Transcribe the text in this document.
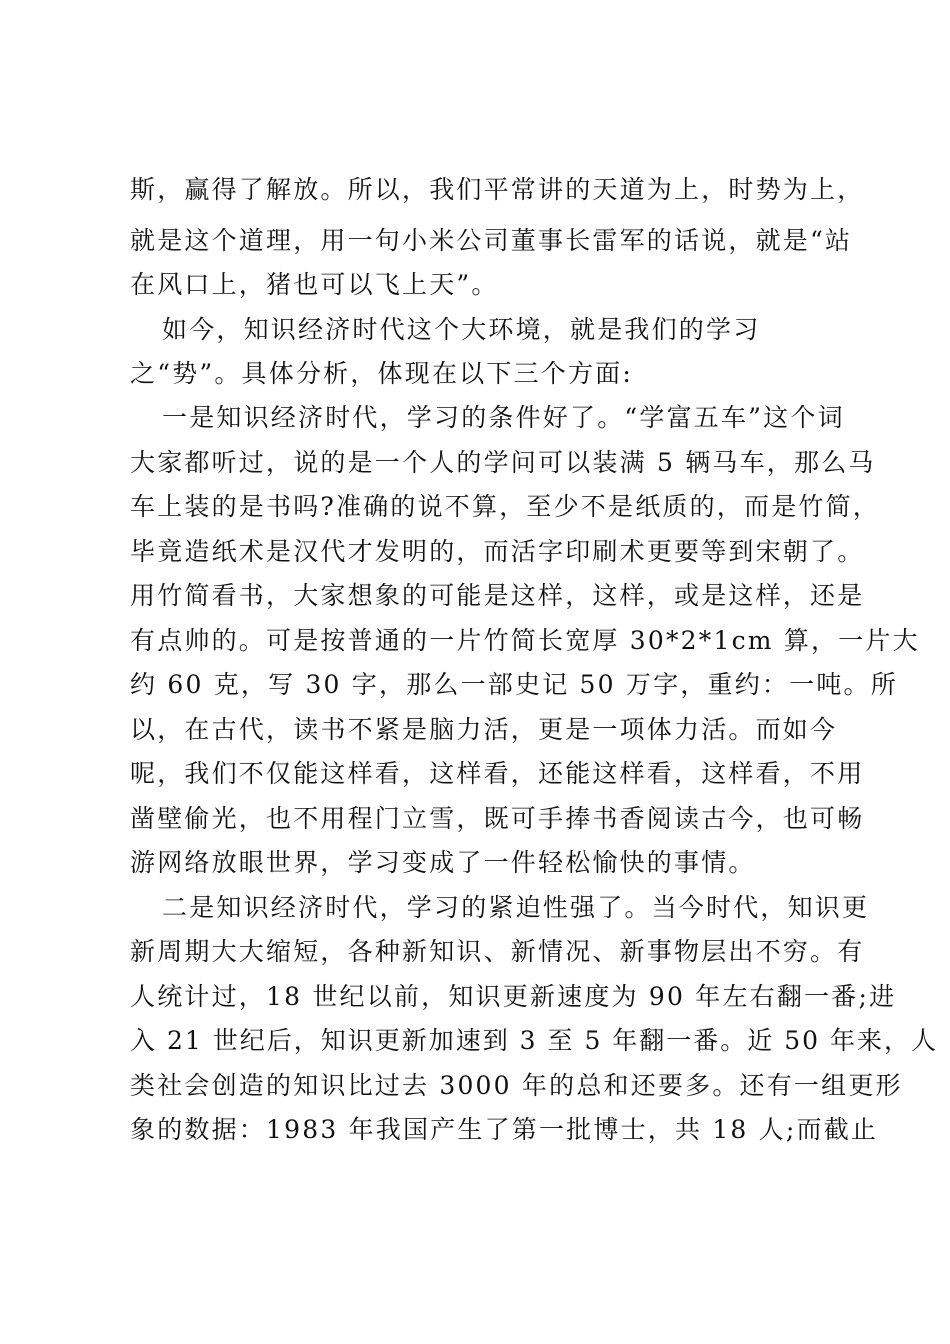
斯，赢得了解放。所以，我们平常讲的天道为上，时势为上，
就是这个道理，用一句小米公司董事长雷军的话说，就是“站
在风口上，猪也可以飞上天”。
如今，知识经济时代这个大环境，就是我们的学习
之“势”。具体分析，体现在以下三个方面:
一是知识经济时代，学习的条件好了。“学富五车”这个词
大家都听过，说的是一个人的学问可以装满 5 辆马车，那么马
车上装的是书吗?准确的说不算，至少不是纸质的，而是竹简，
毕竟造纸术是汉代才发明的，而活字印刷术更要等到宋朝了。
用竹简看书，大家想象的可能是这样，这样，或是这样，还是
有点帅的。可是按普通的一片竹简长宽厚 30*2*1cm 算，一片大
约 60 克，写 30 字，那么一部史记 50 万字，重约：一吨。所
以，在古代，读书不紧是脑力活，更是一项体力活。而如今
呢，我们不仅能这样看，这样看，还能这样看，这样看，不用
凿壁偷光，也不用程门立雪，既可手捧书香阅读古今，也可畅
游网络放眼世界，学习变成了一件轻松愉快的事情。
二是知识经济时代，学习的紧迫性强了。当今时代，知识更
新周期大大缩短，各种新知识、新情况、新事物层出不穷。有
人统计过，18 世纪以前，知识更新速度为 90 年左右翻一番;进
入 21 世纪后，知识更新加速到 3 至 5 年翻一番。近 50 年来，人
类社会创造的知识比过去 3000 年的总和还要多。还有一组更形
象的数据：1983 年我国产生了第一批博士，共 18 人;而截止
